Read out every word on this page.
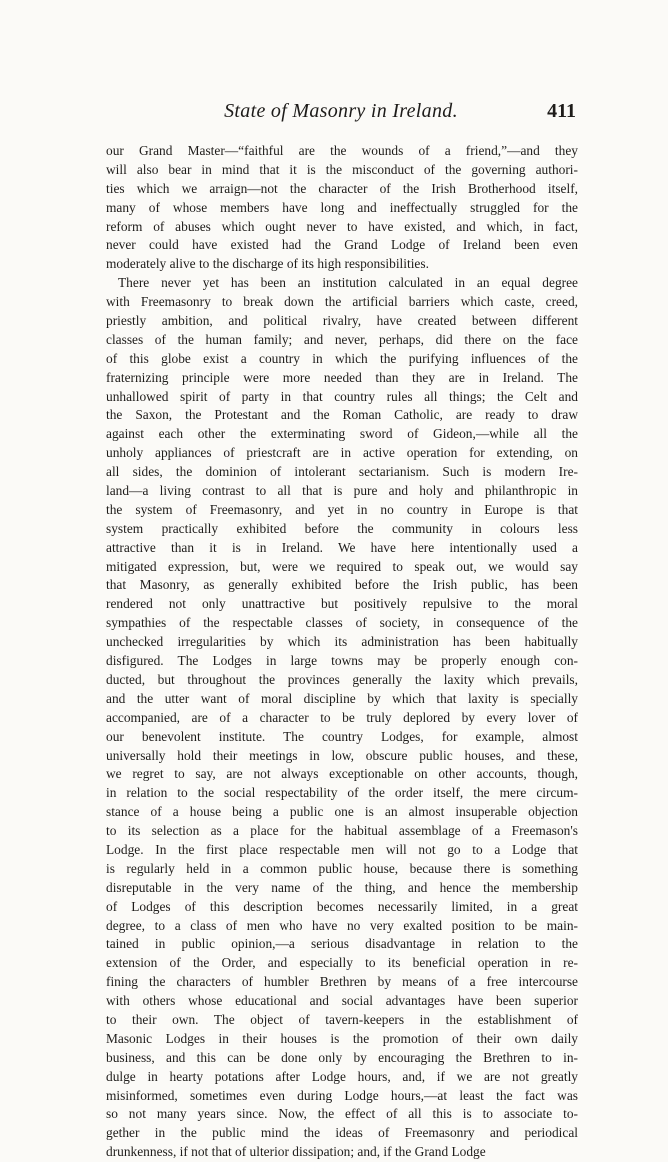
State of Masonry in Ireland.	411
our Grand Master—“faithful are the wounds of a friend,”—and they
will also bear in mind that it is the misconduct of the governing authori-
ties which we arraign—not the character of the Irish Brotherhood itself,
many of whose members have long and ineffectually struggled for the
reform of abuses which ought never to have existed, and which, in fact,
never could have existed had the Grand Lodge of Ireland been even
moderately alive to the discharge of its high responsibilities.
There never yet has been an institution calculated in an equal degree
with Freemasonry to break down the artificial barriers which caste, creed,
priestly ambition, and political rivalry, have created between different
classes of the human family; and never, perhaps, did there on the face
of this globe exist a country in which the purifying influences of the
fraternizing principle were more needed than they are in Ireland. The
unhallowed spirit of party in that country rules all things; the Celt and
the Saxon, the Protestant and the Roman Catholic, are ready to draw
against each other the exterminating sword of Gideon,—while all the
unholy appliances of priestcraft are in active operation for extending, on
all sides, the dominion of intolerant sectarianism. Such is modern Ire-
land—a living contrast to all that is pure and holy and philanthropic in
the system of Freemasonry, and yet in no country in Europe is that
system practically exhibited before the community in colours less
attractive than it is in Ireland. We have here intentionally used a
mitigated expression, but, were we required to speak out, we would say
that Masonry, as generally exhibited before the Irish public, has been
rendered not only unattractive but positively repulsive to the moral
sympathies of the respectable classes of society, in consequence of the
unchecked irregularities by which its administration has been habitually
disfigured. The Lodges in large towns may be properly enough con-
ducted, but throughout the provinces generally the laxity which prevails,
and the utter want of moral discipline by which that laxity is specially
accompanied, are of a character to be truly deplored by every lover of
our benevolent institute. The country Lodges, for example, almost
universally hold their meetings in low, obscure public houses, and these,
we regret to say, are not always exceptionable on other accounts, though,
in relation to the social respectability of the order itself, the mere circum-
stance of a house being a public one is an almost insuperable objection
to its selection as a place for the habitual assemblage of a Freemason's
Lodge. In the first place respectable men will not go to a Lodge that
is regularly held in a common public house, because there is something
disreputable in the very name of the thing, and hence the membership
of Lodges of this description becomes necessarily limited, in a great
degree, to a class of men who have no very exalted position to be main-
tained in public opinion,—a serious disadvantage in relation to the
extension of the Order, and especially to its beneficial operation in re-
fining the characters of humbler Brethren by means of a free intercourse
with others whose educational and social advantages have been superior
to their own. The object of tavern-keepers in the establishment of
Masonic Lodges in their houses is the promotion of their own daily
business, and this can be done only by encouraging the Brethren to in-
dulge in hearty potations after Lodge hours, and, if we are not greatly
misinformed, sometimes even during Lodge hours,—at least the fact was
so not many years since. Now, the effect of all this is to associate to-
gether in the public mind the ideas of Freemasonry and periodical
drunkenness, if not that of ulterior dissipation; and, if the Grand Lodge
